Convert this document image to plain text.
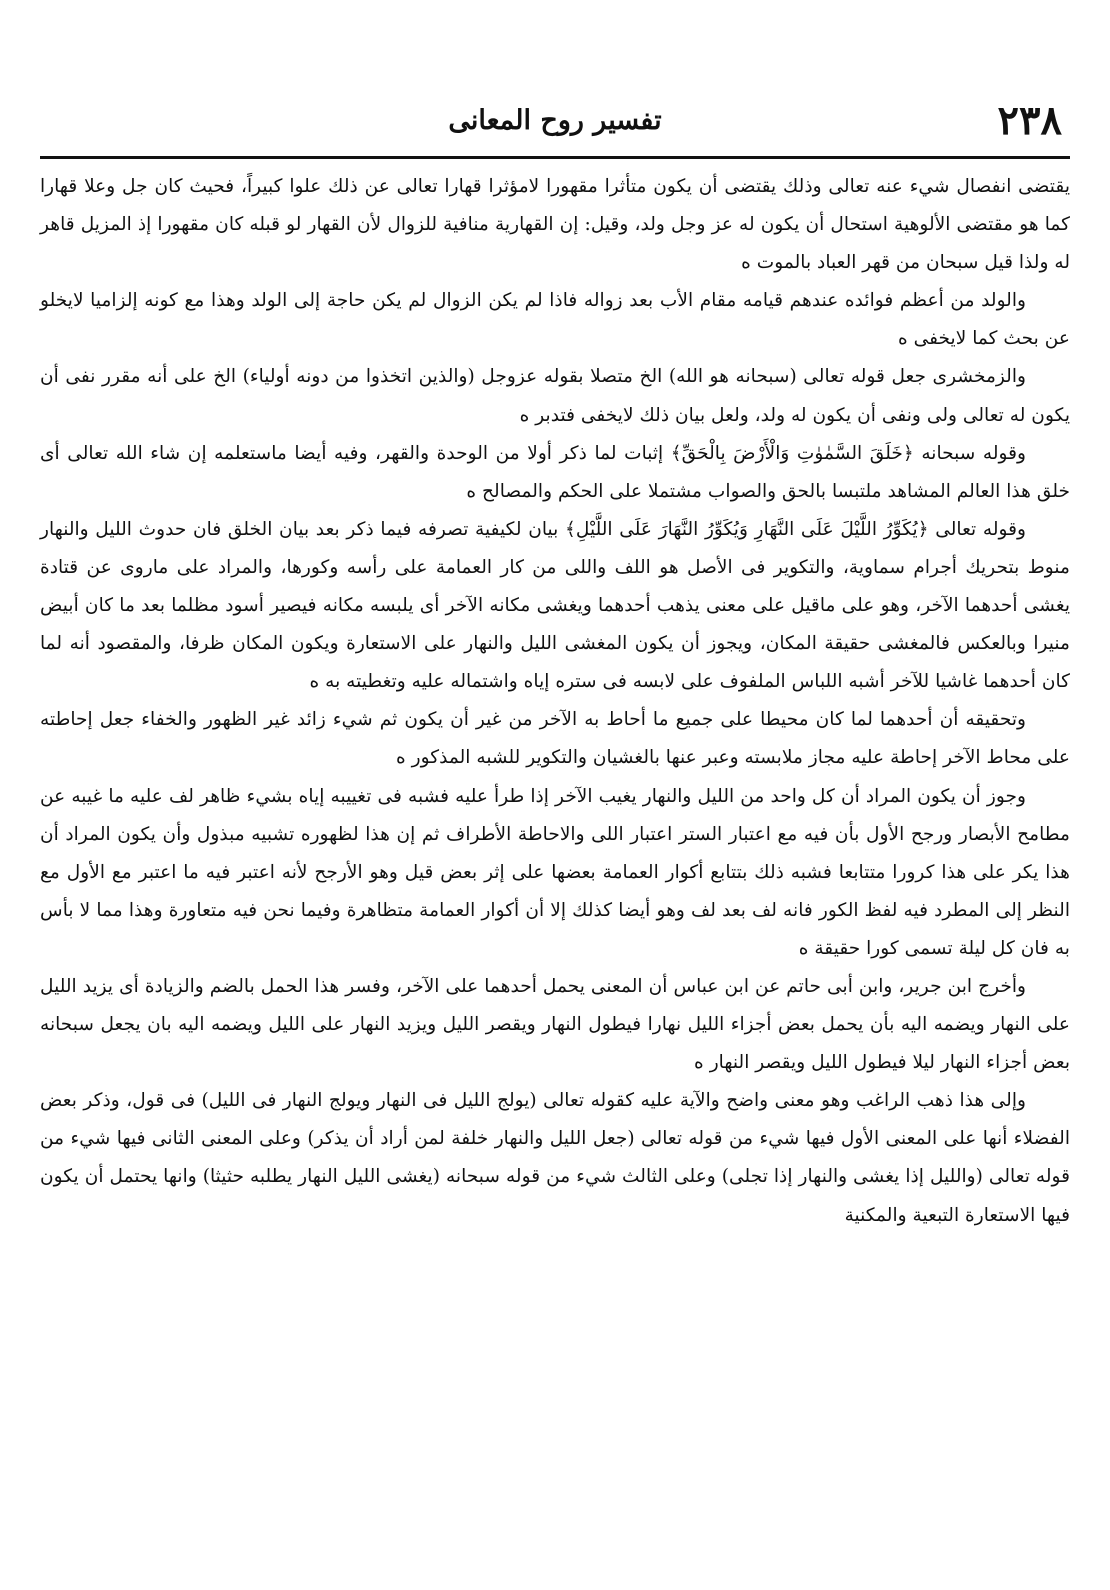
٢٣٨
تفسير روح المعانى

يقتضى انفصال شيء عنه تعالى وذلك يقتضى أن يكون متأثرا مقهورا لامؤثرا قهارا تعالى عن ذلك علوا كبيراً، فحيث كان جل وعلا قهارا كما هو مقتضى الألوهية استحال أن يكون له عز وجل ولد، وقيل: إن القهارية منافية للزوال لأن القهار لو قبله كان مقهورا إذ المزيل قاهر له ولذا قيل سبحان من قهر العباد بالموت ه

والولد من أعظم فوائده عندهم قيامه مقام الأب بعد زواله فاذا لم يكن الزوال لم يكن حاجة إلى الولد وهذا مع كونه إلزاميا لايخلو عن بحث كما لايخفى ه

والزمخشرى جعل قوله تعالى (سبحانه هو الله) الخ متصلا بقوله عزوجل (والذين اتخذوا من دونه أولياء) الخ على أنه مقرر نفى أن يكون له تعالى ولى ونفى أن يكون له ولد، ولعل بيان ذلك لايخفى فتدبر ه

وقوله سبحانه ﴿خَلَقَ السَّمٰوٰتِ وَالْأَرْضَ بِالْحَقِّ﴾ إثبات لما ذكر أولا من الوحدة والقهر، وفيه أيضا ماستعلمه إن شاء الله تعالى أى خلق هذا العالم المشاهد ملتبسا بالحق والصواب مشتملا على الحكم والمصالح ه

وقوله تعالى ﴿يُكَوِّرُ اللَّيْلَ عَلَى النَّهَارِ وَيُكَوِّرُ النَّهَارَ عَلَى اللَّيْلِ﴾ بيان لكيفية تصرفه فيما ذكر بعد بيان الخلق فان حدوث الليل والنهار منوط بتحريك أجرام سماوية، والتكوير فى الأصل هو اللف واللى من كار العمامة على رأسه وكورها، والمراد على ماروى عن قتادة يغشى أحدهما الآخر، وهو على ماقيل على معنى يذهب أحدهما ويغشى مكانه الآخر أى يلبسه مكانه فيصير أسود مظلما بعد ما كان أبيض منيرا وبالعكس فالمغشى حقيقة المكان، ويجوز أن يكون المغشى الليل والنهار على الاستعارة ويكون المكان ظرفا، والمقصود أنه لما كان أحدهما غاشيا للآخر أشبه اللباس الملفوف على لابسه فى ستره إياه واشتماله عليه وتغطيته به ه

وتحقيقه أن أحدهما لما كان محيطا على جميع ما أحاط به الآخر من غير أن يكون ثم شيء زائد غير الظهور والخفاء جعل إحاطته على محاط الآخر إحاطة عليه مجاز ملابسته وعبر عنها بالغشيان والتكوير للشبه المذكور ه

وجوز أن يكون المراد أن كل واحد من الليل والنهار يغيب الآخر إذا طرأ عليه فشبه فى تغييبه إياه بشيء ظاهر لف عليه ما غيبه عن مطامح الأبصار ورجح الأول بأن فيه مع اعتبار الستر اعتبار اللى والاحاطة الأطراف ثم إن هذا لظهوره تشبيه مبذول وأن يكون المراد أن هذا يكر على هذا كرورا متتابعا فشبه ذلك بتتابع أكوار العمامة بعضها على إثر بعض قيل وهو الأرجح لأنه اعتبر فيه ما اعتبر مع الأول مع النظر إلى المطرد فيه لفظ الكور فانه لف بعد لف وهو أيضا كذلك إلا أن أكوار العمامة متظاهرة وفيما نحن فيه متعاورة وهذا مما لا بأس به فان كل ليلة تسمى كورا حقيقة ه

وأخرج ابن جرير، وابن أبى حاتم عن ابن عباس أن المعنى يحمل أحدهما على الآخر، وفسر هذا الحمل بالضم والزيادة أى يزيد الليل على النهار ويضمه اليه بأن يحمل بعض أجزاء الليل نهارا فيطول النهار ويقصر الليل ويزيد النهار على الليل ويضمه اليه بان يجعل سبحانه بعض أجزاء النهار ليلا فيطول الليل ويقصر النهار ه

وإلى هذا ذهب الراغب وهو معنى واضح والآية عليه كقوله تعالى (يولج الليل فى النهار ويولج النهار فى الليل) فى قول، وذكر بعض الفضلاء أنها على المعنى الأول فيها شيء من قوله تعالى (جعل الليل والنهار خلفة لمن أراد أن يذكر) وعلى المعنى الثانى فيها شيء من قوله تعالى (والليل إذا يغشى والنهار إذا تجلى) وعلى الثالث شيء من قوله سبحانه (يغشى الليل النهار يطلبه حثيثا) وانها يحتمل أن يكون فيها الاستعارة التبعية والمكنية
